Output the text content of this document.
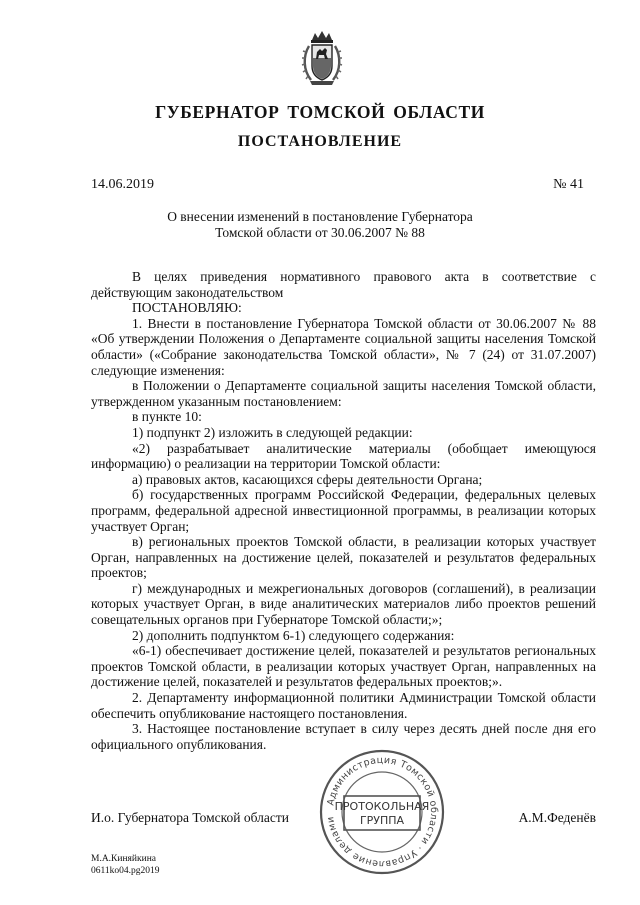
ГУБЕРНАТОР ТОМСКОЙ ОБЛАСТИ
ПОСТАНОВЛЕНИЕ
14.06.2019	№ 41
О внесении изменений в постановление Губернатора
Томской области от 30.06.2007 № 88

В целях приведения нормативного правового акта в соответствие с действующим законодательством

ПОСТАНОВЛЯЮ:

1. Внести в постановление Губернатора Томской области от 30.06.2007 № 88 «Об утверждении Положения о Департаменте социальной защиты населения Томской области» («Собрание законодательства Томской области», № 7 (24) от 31.07.2007) следующие изменения:

в Положении о Департаменте социальной защиты населения Томской области, утвержденном указанным постановлением:

в пункте 10:

1) подпункт 2) изложить в следующей редакции:

«2) разрабатывает аналитические материалы (обобщает имеющуюся информацию) о реализации на территории Томской области:

а) правовых актов, касающихся сферы деятельности Органа;

б) государственных программ Российской Федерации, федеральных целевых программ, федеральной адресной инвестиционной программы, в реализации которых участвует Орган;

в) региональных проектов Томской области, в реализации которых участвует Орган, направленных на достижение целей, показателей и результатов федеральных проектов;

г) международных и межрегиональных договоров (соглашений), в реализации которых участвует Орган, в виде аналитических материалов либо проектов решений совещательных органов при Губернаторе Томской области;»;

2) дополнить подпунктом 6-1) следующего содержания:

«6-1) обеспечивает достижение целей, показателей и результатов региональных проектов Томской области, в реализации которых участвует Орган, направленных на достижение целей, показателей и результатов федеральных проектов;».

2. Департаменту информационной политики Администрации Томской области обеспечить опубликование настоящего постановления.

3. Настоящее постановление вступает в силу через десять дней после дня его официального опубликования.

Администрация Томской области · Управление делами
ПРОТОКОЛЬНАЯ
ГРУППА
И.о. Губернатора Томской области	А.М.Феденёв
М.А.Киняйкина
0611ko04.pg2019
